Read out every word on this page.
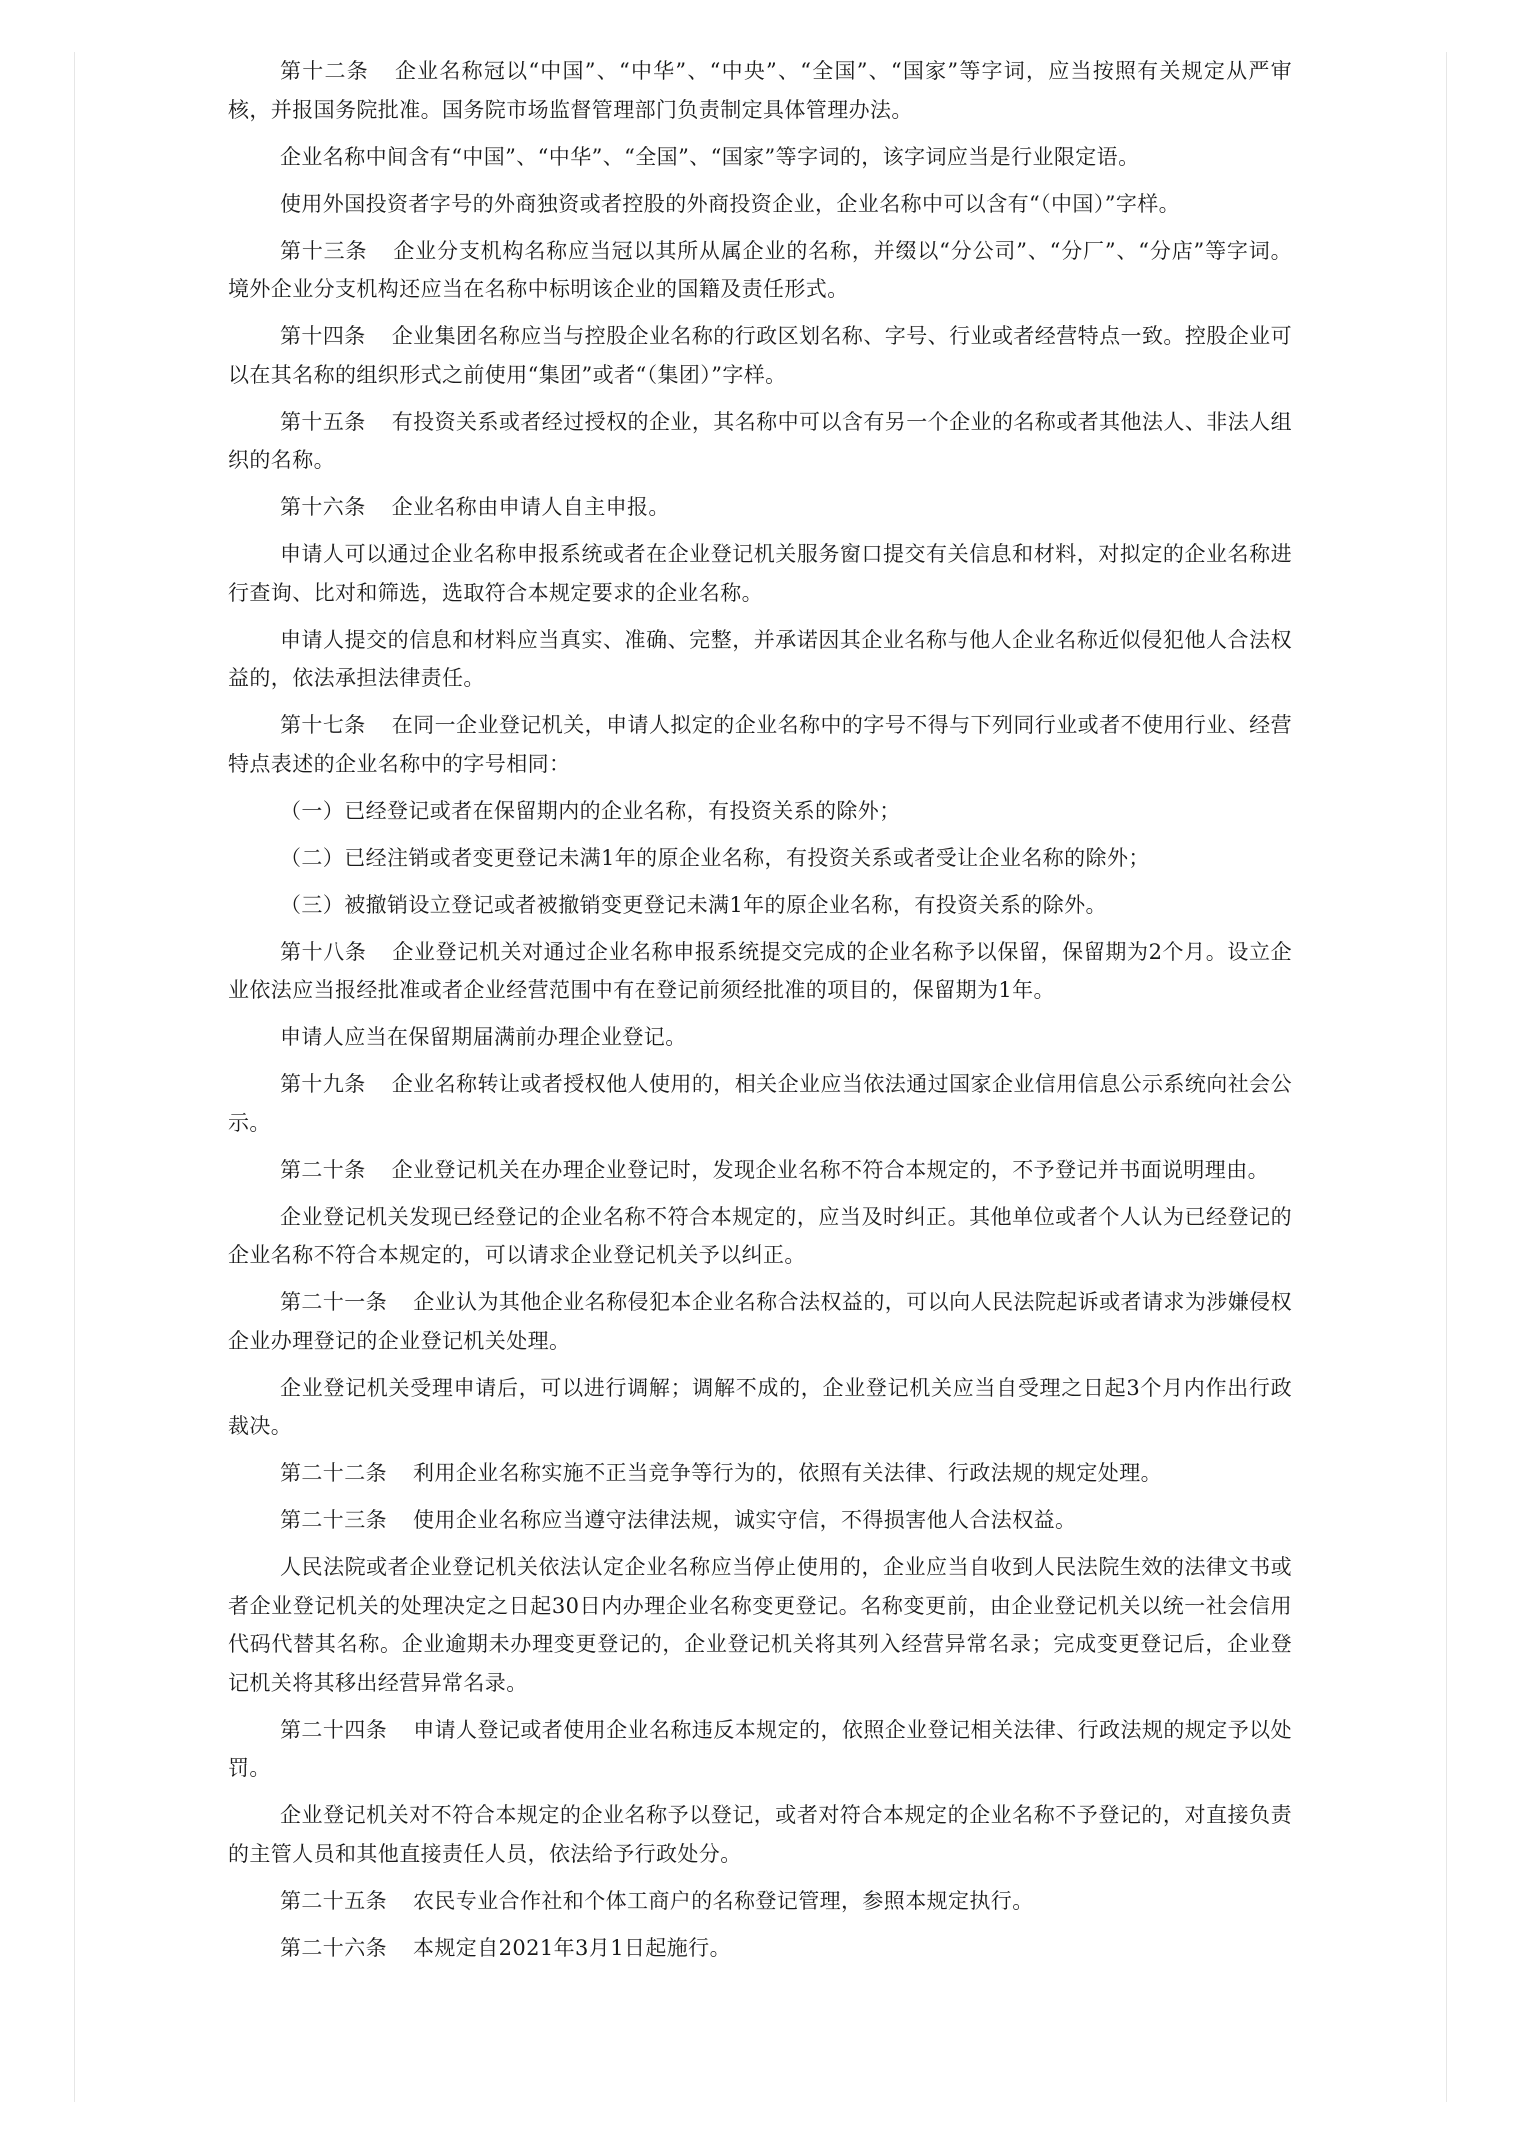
第十二条 企业名称冠以“中国”、“中华”、“中央”、“全国”、“国家”等字词，应当按照有关规定从严审核，并报国务院批准。国务院市场监督管理部门负责制定具体管理办法。

企业名称中间含有“中国”、“中华”、“全国”、“国家”等字词的，该字词应当是行业限定语。

使用外国投资者字号的外商独资或者控股的外商投资企业，企业名称中可以含有“（中国）”字样。

第十三条 企业分支机构名称应当冠以其所从属企业的名称，并缀以“分公司”、“分厂”、“分店”等字词。境外企业分支机构还应当在名称中标明该企业的国籍及责任形式。

第十四条 企业集团名称应当与控股企业名称的行政区划名称、字号、行业或者经营特点一致。控股企业可以在其名称的组织形式之前使用“集团”或者“（集团）”字样。

第十五条 有投资关系或者经过授权的企业，其名称中可以含有另一个企业的名称或者其他法人、非法人组织的名称。

第十六条 企业名称由申请人自主申报。

申请人可以通过企业名称申报系统或者在企业登记机关服务窗口提交有关信息和材料，对拟定的企业名称进行查询、比对和筛选，选取符合本规定要求的企业名称。

申请人提交的信息和材料应当真实、准确、完整，并承诺因其企业名称与他人企业名称近似侵犯他人合法权益的，依法承担法律责任。

第十七条 在同一企业登记机关，申请人拟定的企业名称中的字号不得与下列同行业或者不使用行业、经营特点表述的企业名称中的字号相同：

（一）已经登记或者在保留期内的企业名称，有投资关系的除外；

（二）已经注销或者变更登记未满1年的原企业名称，有投资关系或者受让企业名称的除外；

（三）被撤销设立登记或者被撤销变更登记未满1年的原企业名称，有投资关系的除外。

第十八条 企业登记机关对通过企业名称申报系统提交完成的企业名称予以保留，保留期为2个月。设立企业依法应当报经批准或者企业经营范围中有在登记前须经批准的项目的，保留期为1年。

申请人应当在保留期届满前办理企业登记。

第十九条 企业名称转让或者授权他人使用的，相关企业应当依法通过国家企业信用信息公示系统向社会公示。

第二十条 企业登记机关在办理企业登记时，发现企业名称不符合本规定的，不予登记并书面说明理由。

企业登记机关发现已经登记的企业名称不符合本规定的，应当及时纠正。其他单位或者个人认为已经登记的企业名称不符合本规定的，可以请求企业登记机关予以纠正。

第二十一条 企业认为其他企业名称侵犯本企业名称合法权益的，可以向人民法院起诉或者请求为涉嫌侵权企业办理登记的企业登记机关处理。

企业登记机关受理申请后，可以进行调解；调解不成的，企业登记机关应当自受理之日起3个月内作出行政裁决。

第二十二条 利用企业名称实施不正当竞争等行为的，依照有关法律、行政法规的规定处理。

第二十三条 使用企业名称应当遵守法律法规，诚实守信，不得损害他人合法权益。

人民法院或者企业登记机关依法认定企业名称应当停止使用的，企业应当自收到人民法院生效的法律文书或者企业登记机关的处理决定之日起30日内办理企业名称变更登记。名称变更前，由企业登记机关以统一社会信用代码代替其名称。企业逾期未办理变更登记的，企业登记机关将其列入经营异常名录；完成变更登记后，企业登记机关将其移出经营异常名录。

第二十四条 申请人登记或者使用企业名称违反本规定的，依照企业登记相关法律、行政法规的规定予以处罚。

企业登记机关对不符合本规定的企业名称予以登记，或者对符合本规定的企业名称不予登记的，对直接负责的主管人员和其他直接责任人员，依法给予行政处分。

第二十五条 农民专业合作社和个体工商户的名称登记管理，参照本规定执行。

第二十六条 本规定自2021年3月1日起施行。
